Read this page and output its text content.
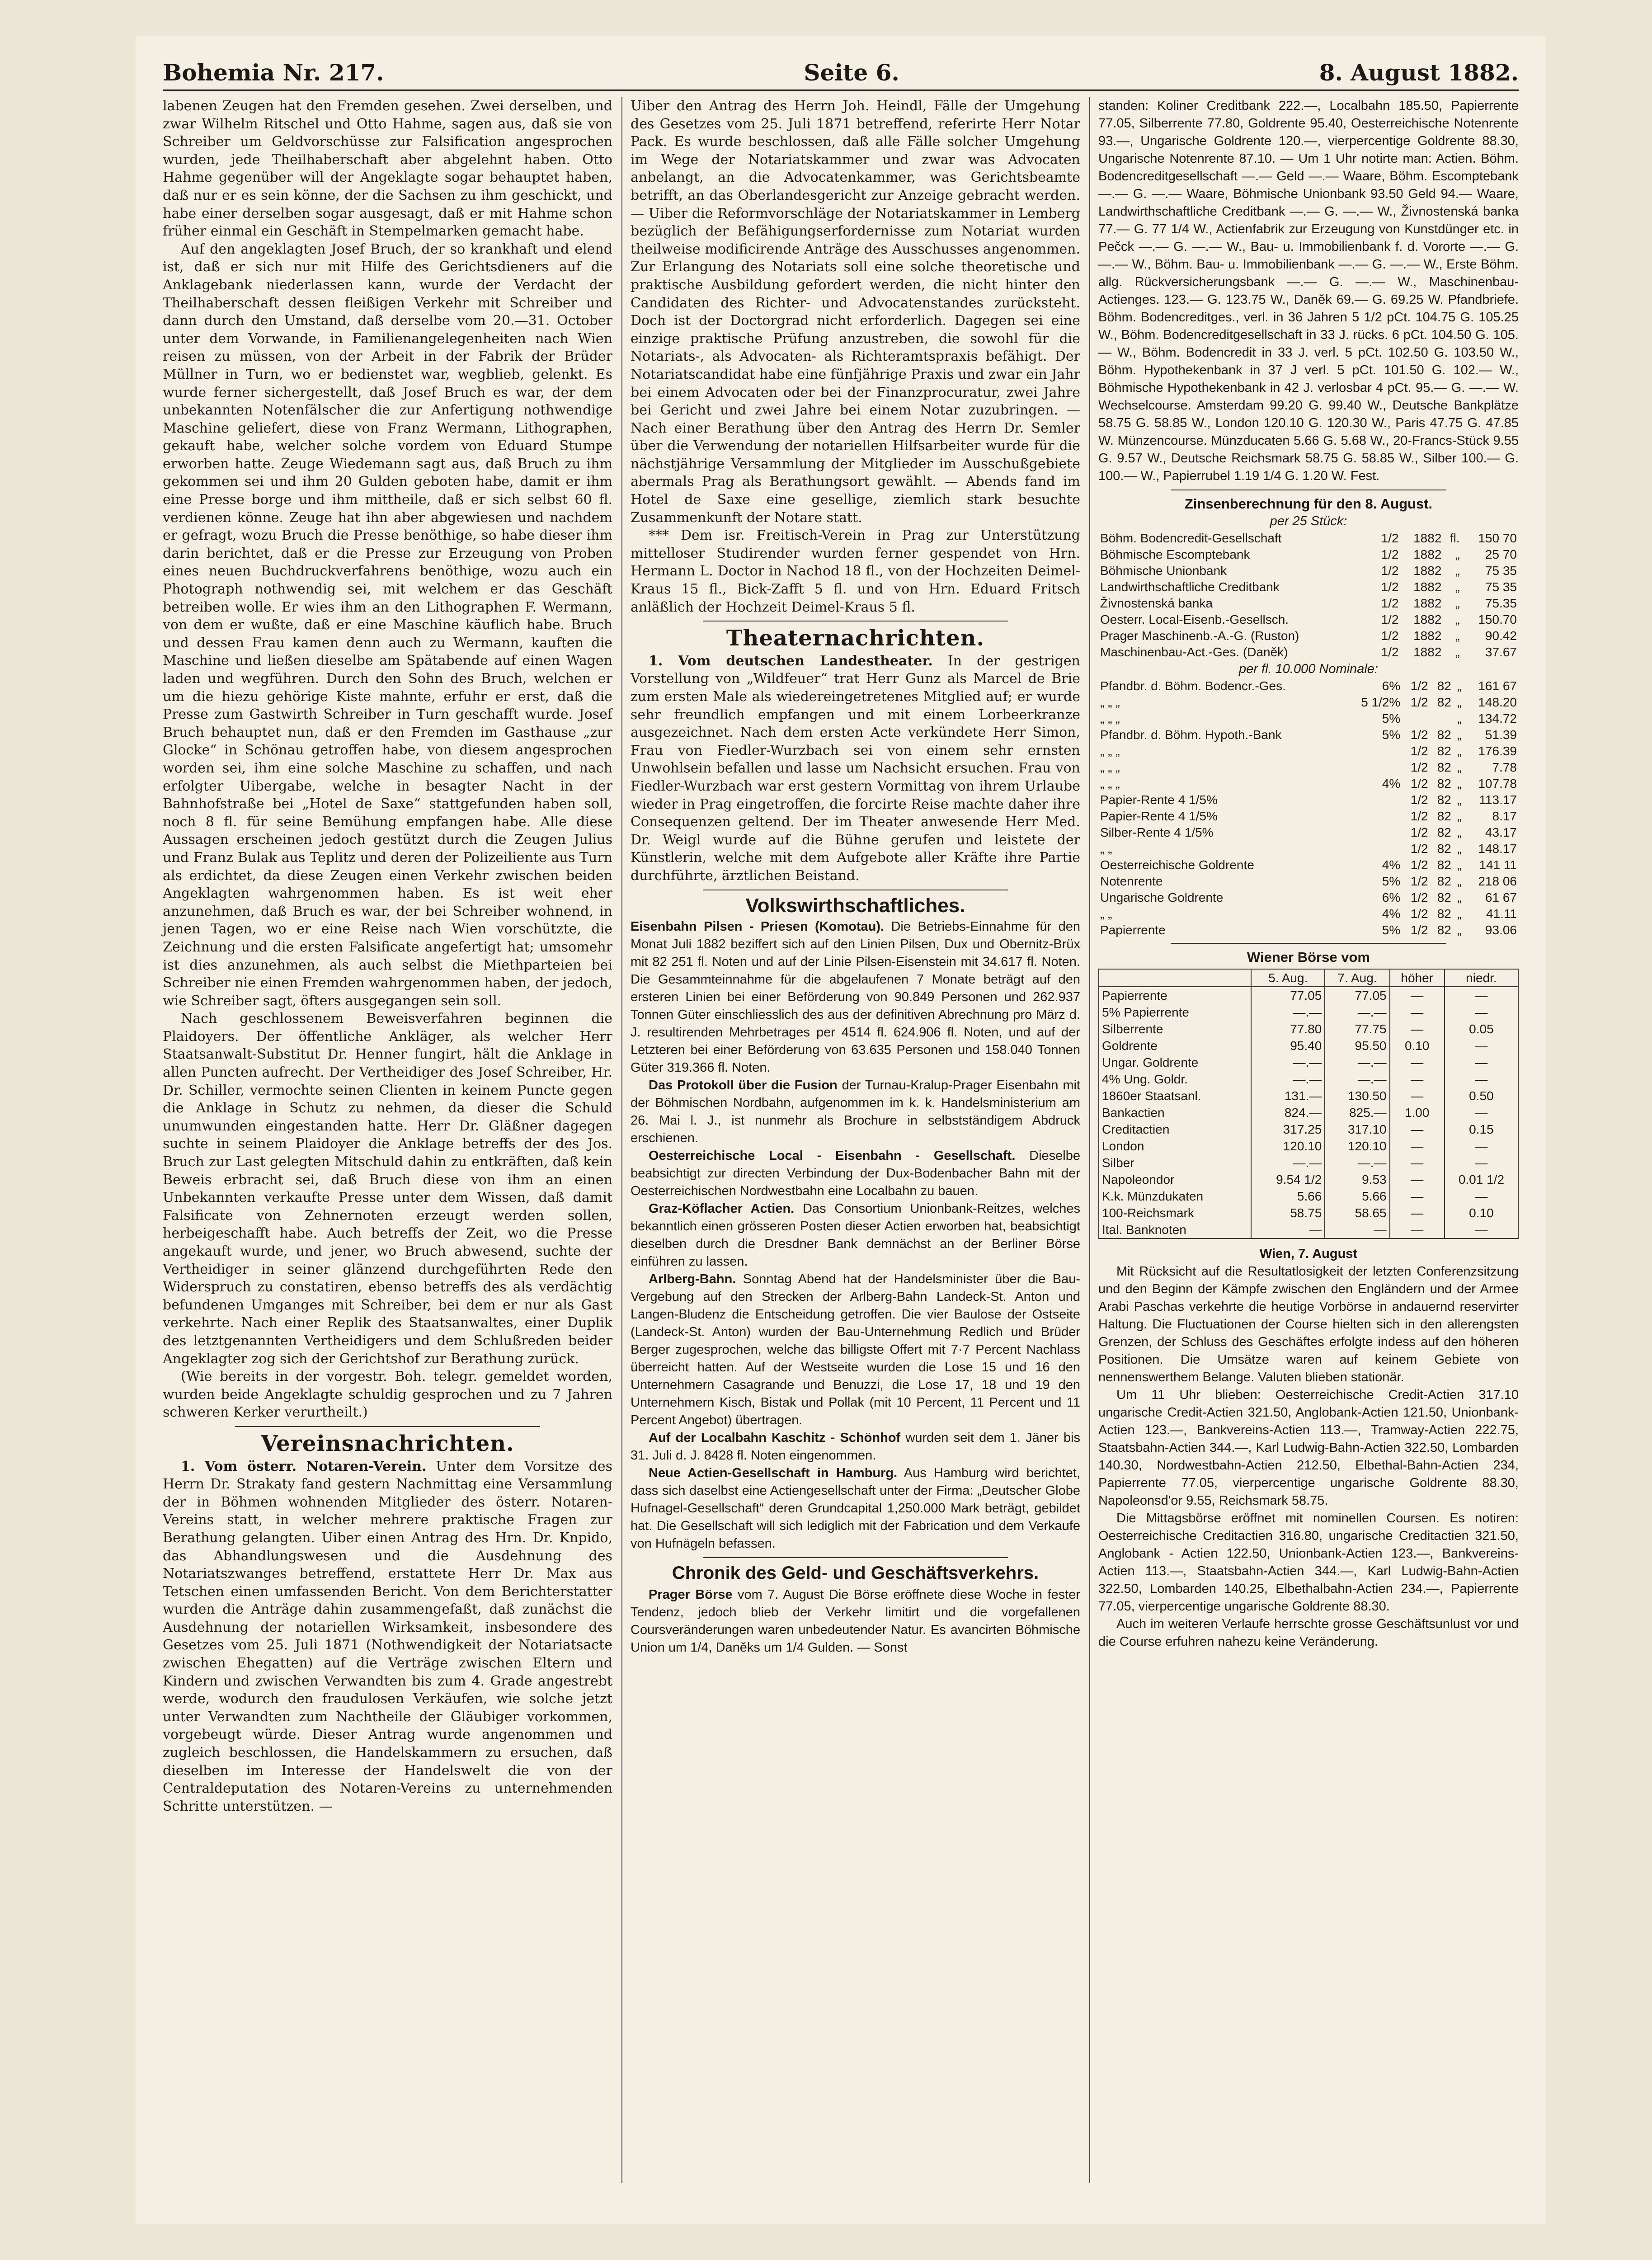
Bohemia Nr. 217.	Seite 6.	8. August 1882.

labenen Zeugen hat den Fremden gesehen. Zwei derselben, und zwar Wilhelm Ritschel und Otto Hahme, sagen aus, daß sie von Schreiber um Geldvorschüsse zur Falsification angesprochen wurden, jede Theilhaberschaft aber abgelehnt haben. Otto Hahme gegenüber will der Angeklagte sogar behauptet haben, daß nur er es sein könne, der die Sachsen zu ihm geschickt, und habe einer derselben sogar ausgesagt, daß er mit Hahme schon früher einmal ein Geschäft in Stempelmarken gemacht habe.

Auf den angeklagten Josef Bruch, der so krankhaft und elend ist, daß er sich nur mit Hilfe des Gerichtsdieners auf die Anklagebank niederlassen kann, wurde der Verdacht der Theilhaberschaft dessen fleißigen Verkehr mit Schreiber und dann durch den Umstand, daß derselbe vom 20.—31. October unter dem Vorwande, in Familienangelegenheiten nach Wien reisen zu müssen, von der Arbeit in der Fabrik der Brüder Müllner in Turn, wo er bedienstet war, wegblieb, gelenkt. Es wurde ferner sichergestellt, daß Josef Bruch es war, der dem unbekannten Notenfälscher die zur Anfertigung nothwendige Maschine geliefert, diese von Franz Wermann, Lithographen, gekauft habe, welcher solche vordem von Eduard Stumpe erworben hatte. Zeuge Wiedemann sagt aus, daß Bruch zu ihm gekommen sei und ihm 20 Gulden geboten habe, damit er ihm eine Presse borge und ihm mittheile, daß er sich selbst 60 fl. verdienen könne. Zeuge hat ihn aber abgewiesen und nachdem er gefragt, wozu Bruch die Presse benöthige, so habe dieser ihm darin berichtet, daß er die Presse zur Erzeugung von Proben eines neuen Buchdruckverfahrens benöthige, wozu auch ein Photograph nothwendig sei, mit welchem er das Geschäft betreiben wolle. Er wies ihm an den Lithographen F. Wermann, von dem er wußte, daß er eine Maschine käuflich habe. Bruch und dessen Frau kamen denn auch zu Wermann, kauften die Maschine und ließen dieselbe am Spätabende auf einen Wagen laden und wegführen. Durch den Sohn des Bruch, welchen er um die hiezu gehörige Kiste mahnte, erfuhr er erst, daß die Presse zum Gastwirth Schreiber in Turn geschafft wurde. Josef Bruch behauptet nun, daß er den Fremden im Gasthause „zur Glocke“ in Schönau getroffen habe, von diesem angesprochen worden sei, ihm eine solche Maschine zu schaffen, und nach erfolgter Uibergabe, welche in besagter Nacht in der Bahnhofstraße bei „Hotel de Saxe“ stattgefunden haben soll, noch 8 fl. für seine Bemühung empfangen habe. Alle diese Aussagen erscheinen jedoch gestützt durch die Zeugen Julius und Franz Bulak aus Teplitz und deren der Polizeiliente aus Turn als erdichtet, da diese Zeugen einen Verkehr zwischen beiden Angeklagten wahrgenommen haben. Es ist weit eher anzunehmen, daß Bruch es war, der bei Schreiber wohnend, in jenen Tagen, wo er eine Reise nach Wien vorschützte, die Zeichnung und die ersten Falsificate angefertigt hat; umsomehr ist dies anzunehmen, als auch selbst die Miethparteien bei Schreiber nie einen Fremden wahrgenommen haben, der jedoch, wie Schreiber sagt, öfters ausgegangen sein soll.

Nach geschlossenem Beweisverfahren beginnen die Plaidoyers. Der öffentliche Ankläger, als welcher Herr Staatsanwalt-Substitut Dr. Henner fungirt, hält die Anklage in allen Puncten aufrecht. Der Vertheidiger des Josef Schreiber, Hr. Dr. Schiller, vermochte seinen Clienten in keinem Puncte gegen die Anklage in Schutz zu nehmen, da dieser die Schuld unumwunden eingestanden hatte. Herr Dr. Gläßner dagegen suchte in seinem Plaidoyer die Anklage betreffs der des Jos. Bruch zur Last gelegten Mitschuld dahin zu entkräften, daß kein Beweis erbracht sei, daß Bruch diese von ihm an einen Unbekannten verkaufte Presse unter dem Wissen, daß damit Falsificate von Zehnernoten erzeugt werden sollen, herbeigeschafft habe. Auch betreffs der Zeit, wo die Presse angekauft wurde, und jener, wo Bruch abwesend, suchte der Vertheidiger in seiner glänzend durchgeführten Rede den Widerspruch zu constatiren, ebenso betreffs des als verdächtig befundenen Umganges mit Schreiber, bei dem er nur als Gast verkehrte. Nach einer Replik des Staatsanwaltes, einer Duplik des letztgenannten Vertheidigers und dem Schlußreden beider Angeklagter zog sich der Gerichtshof zur Berathung zurück.

(Wie bereits in der vorgestr. Boh. telegr. gemeldet worden, wurden beide Angeklagte schuldig gesprochen und zu 7 Jahren schweren Kerker verurtheilt.)

Vereinsnachrichten.

1. Vom österr. Notaren-Verein. Unter dem Vorsitze des Herrn Dr. Strakaty fand gestern Nachmittag eine Versammlung der in Böhmen wohnenden Mitglieder des österr. Notaren-Vereins statt, in welcher mehrere praktische Fragen zur Berathung gelangten. Uiber einen Antrag des Hrn. Dr. Knpido, das Abhandlungswesen und die Ausdehnung des Notariatszwanges betreffend, erstattete Herr Dr. Max aus Tetschen einen umfassenden Bericht. Von dem Berichterstatter wurden die Anträge dahin zusammengefaßt, daß zunächst die Ausdehnung der notariellen Wirksamkeit, insbesondere des Gesetzes vom 25. Juli 1871 (Nothwendigkeit der Notariatsacte zwischen Ehegatten) auf die Verträge zwischen Eltern und Kindern und zwischen Verwandten bis zum 4. Grade angestrebt werde, wodurch den fraudulosen Verkäufen, wie solche jetzt unter Verwandten zum Nachtheile der Gläubiger vorkommen, vorgebeugt würde. Dieser Antrag wurde angenommen und zugleich beschlossen, die Handelskammern zu ersuchen, daß dieselben im Interesse der Handelswelt die von der Centraldeputation des Notaren-Vereins zu unternehmenden Schritte unterstützen. —

Uiber den Antrag des Herrn Joh. Heindl, Fälle der Umgehung des Gesetzes vom 25. Juli 1871 betreffend, referirte Herr Notar Pack. Es wurde beschlossen, daß alle Fälle solcher Umgehung im Wege der Notariatskammer und zwar was Advocaten anbelangt, an die Advocatenkammer, was Gerichtsbeamte betrifft, an das Oberlandesgericht zur Anzeige gebracht werden. — Uiber die Reformvorschläge der Notariatskammer in Lemberg bezüglich der Befähigungserfordernisse zum Notariat wurden theilweise modificirende Anträge des Ausschusses angenommen. Zur Erlangung des Notariats soll eine solche theoretische und praktische Ausbildung gefordert werden, die nicht hinter den Candidaten des Richter- und Advocatenstandes zurücksteht. Doch ist der Doctorgrad nicht erforderlich. Dagegen sei eine einzige praktische Prüfung anzustreben, die sowohl für die Notariats-, als Advocaten- als Richteramtspraxis befähigt. Der Notariatscandidat habe eine fünfjährige Praxis und zwar ein Jahr bei einem Advocaten oder bei der Finanzprocuratur, zwei Jahre bei Gericht und zwei Jahre bei einem Notar zuzubringen. — Nach einer Berathung über den Antrag des Herrn Dr. Semler über die Verwendung der notariellen Hilfsarbeiter wurde für die nächstjährige Versammlung der Mitglieder im Ausschußgebiete abermals Prag als Berathungsort gewählt. — Abends fand im Hotel de Saxe eine gesellige, ziemlich stark besuchte Zusammenkunft der Notare statt.

*** Dem isr. Freitisch-Verein in Prag zur Unterstützung mittelloser Studirender wurden ferner gespendet von Hrn. Hermann L. Doctor in Nachod 18 fl., von der Hochzeiten Deimel-Kraus 15 fl., Bick-Zafft 5 fl. und von Hrn. Eduard Fritsch anläßlich der Hochzeit Deimel-Kraus 5 fl.

Theaternachrichten.

1. Vom deutschen Landestheater. In der gestrigen Vorstellung von „Wildfeuer“ trat Herr Gunz als Marcel de Brie zum ersten Male als wiedereingetretenes Mitglied auf; er wurde sehr freundlich empfangen und mit einem Lorbeerkranze ausgezeichnet. Nach dem ersten Acte verkündete Herr Simon, Frau von Fiedler-Wurzbach sei von einem sehr ernsten Unwohlsein befallen und lasse um Nachsicht ersuchen. Frau von Fiedler-Wurzbach war erst gestern Vormittag von ihrem Urlaube wieder in Prag eingetroffen, die forcirte Reise machte daher ihre Consequenzen geltend. Der im Theater anwesende Herr Med. Dr. Weigl wurde auf die Bühne gerufen und leistete der Künstlerin, welche mit dem Aufgebote aller Kräfte ihre Partie durchführte, ärztlichen Beistand.

Volkswirthschaftliches.

Eisenbahn Pilsen - Priesen (Komotau). Die Betriebs-Einnahme für den Monat Juli 1882 beziffert sich auf den Linien Pilsen, Dux und Obernitz-Brüx mit 82 251 fl. Noten und auf der Linie Pilsen-Eisenstein mit 34.617 fl. Noten. Die Gesammteinnahme für die abgelaufenen 7 Monate beträgt auf den ersteren Linien bei einer Beförderung von 90.849 Personen und 262.937 Tonnen Güter einschliesslich des aus der definitiven Abrechnung pro März d. J. resultirenden Mehrbetrages per 4514 fl. 624.906 fl. Noten, und auf der Letzteren bei einer Beförderung von 63.635 Personen und 158.040 Tonnen Güter 319.366 fl. Noten.

Das Protokoll über die Fusion der Turnau-Kralup-Prager Eisenbahn mit der Böhmischen Nordbahn, aufgenommen im k. k. Handelsministerium am 26. Mai l. J., ist nunmehr als Brochure in selbstständigem Abdruck erschienen.

Oesterreichische Local - Eisenbahn - Gesellschaft. Dieselbe beabsichtigt zur directen Verbindung der Dux-Bodenbacher Bahn mit der Oesterreichischen Nordwestbahn eine Localbahn zu bauen.

Graz-Köflacher Actien. Das Consortium Unionbank-Reitzes, welches bekanntlich einen grösseren Posten dieser Actien erworben hat, beabsichtigt dieselben durch die Dresdner Bank demnächst an der Berliner Börse einführen zu lassen.

Arlberg-Bahn. Sonntag Abend hat der Handelsminister über die Bau-Vergebung auf den Strecken der Arlberg-Bahn Landeck-St. Anton und Langen-Bludenz die Entscheidung getroffen. Die vier Baulose der Ostseite (Landeck-St. Anton) wurden der Bau-Unternehmung Redlich und Brüder Berger zugesprochen, welche das billigste Offert mit 7·7 Percent Nachlass überreicht hatten. Auf der Westseite wurden die Lose 15 und 16 den Unternehmern Casagrande und Benuzzi, die Lose 17, 18 und 19 den Unternehmern Kisch, Bistak und Pollak (mit 10 Percent, 11 Percent und 11 Percent Angebot) übertragen.

Auf der Localbahn Kaschitz - Schönhof wurden seit dem 1. Jäner bis 31. Juli d. J. 8428 fl. Noten eingenommen.

Neue Actien-Gesellschaft in Hamburg. Aus Hamburg wird berichtet, dass sich daselbst eine Actiengesellschaft unter der Firma: „Deutscher Globe Hufnagel-Gesellschaft“ deren Grundcapital 1,250.000 Mark beträgt, gebildet hat. Die Gesellschaft will sich lediglich mit der Fabrication und dem Verkaufe von Hufnägeln befassen.

Chronik des Geld- und Geschäftsverkehrs.

Prager Börse vom 7. August Die Börse eröffnete diese Woche in fester Tendenz, jedoch blieb der Verkehr limitirt und die vorgefallenen Coursveränderungen waren unbedeutender Natur. Es avancirten Böhmische Union um 1/4, Daněks um 1/4 Gulden. — Sonst

standen: Koliner Creditbank 222.—, Localbahn 185.50, Papierrente 77.05, Silberrente 77.80, Goldrente 95.40, Oesterreichische Notenrente 93.—, Ungarische Goldrente 120.—, vierpercentige Goldrente 88.30, Ungarische Notenrente 87.10. — Um 1 Uhr notirte man: Actien. Böhm. Bodencreditgesellschaft —.— Geld —.— Waare, Böhm. Escomptebank —.— G. —.— Waare, Böhmische Unionbank 93.50 Geld 94.— Waare, Landwirthschaftliche Creditbank —.— G. —.— W., Živnostenská banka 77.— G. 77 1/4 W., Actienfabrik zur Erzeugung von Kunstdünger etc. in Pečck —.— G. —.— W., Bau- u. Immobilienbank f. d. Vororte —.— G. —.— W., Böhm. Bau- u. Immobilienbank —.— G. —.— W., Erste Böhm. allg. Rückversicherungsbank —.— G. —.— W., Maschinenbau-Actienges. 123.— G. 123.75 W., Daněk 69.— G. 69.25 W. Pfandbriefe. Böhm. Bodencreditges., verl. in 36 Jahren 5 1/2 pCt. 104.75 G. 105.25 W., Böhm. Bodencreditgesellschaft in 33 J. rücks. 6 pCt. 104.50 G. 105.— W., Böhm. Bodencredit in 33 J. verl. 5 pCt. 102.50 G. 103.50 W., Böhm. Hypothekenbank in 37 J verl. 5 pCt. 101.50 G. 102.— W., Böhmische Hypothekenbank in 42 J. verlosbar 4 pCt. 95.— G. —.— W. Wechselcourse. Amsterdam 99.20 G. 99.40 W., Deutsche Bankplätze 58.75 G. 58.85 W., London 120.10 G. 120.30 W., Paris 47.75 G. 47.85 W. Münzencourse. Münzducaten 5.66 G. 5.68 W., 20-Francs-Stück 9.55 G. 9.57 W., Deutsche Reichsmark 58.75 G. 58.85 W., Silber 100.— G. 100.— W., Papierrubel 1.19 1/4 G. 1.20 W. Fest.

Zinsenberechnung für den 8. August.
per 25 Stück:
Böhm. Bodencredit-Gesellschaft	1/2	1882	fl.	150 70
Böhmische Escomptebank	1/2	1882	„	25 70
Böhmische Unionbank	1/2	1882	„	75 35
Landwirthschaftliche Creditbank	1/2	1882	„	75 35
Živnostenská banka	1/2	1882	„	75.35
Oesterr. Local-Eisenb.-Gesellsch.	1/2	1882	„	150.70
Prager Maschinenb.-A.-G. (Ruston)	1/2	1882	„	90.42
Maschinenbau-Act.-Ges. (Daněk)	1/2	1882	„	37.67
per fl. 10.000 Nominale:
Pfandbr. d. Böhm. Bodencr.-Ges.	6%	1/2	82	„	161 67
„ „ „	5 1/2%	1/2	82	„	148.20
„ „ „	5%			„	134.72
Pfandbr. d. Böhm. Hypoth.-Bank	5%	1/2	82	„	51.39
„ „ „		1/2	82	„	176.39
„ „ „		1/2	82	„	7.78
„ „ „	4%	1/2	82	„	107.78
Papier-Rente 4 1/5%		1/2	82	„	113.17
Papier-Rente 4 1/5%		1/2	82	„	8.17
Silber-Rente 4 1/5%		1/2	82	„	43.17
„ „		1/2	82	„	148.17
Oesterreichische Goldrente	4%	1/2	82	„	141 11
Notenrente	5%	1/2	82	„	218 06
Ungarische Goldrente	6%	1/2	82	„	61 67
„ „	4%	1/2	82	„	41.11
Papierrente	5%	1/2	82	„	93.06
Wiener Börse vom
	5. Aug.	7. Aug.	höher	niedr.
Papierrente	77.05	77.05	—	—
5% Papierrente	—.—	—.—	—	—
Silberrente	77.80	77.75	—	0.05
Goldrente	95.40	95.50	0.10	—
Ungar. Goldrente	—.—	—.—	—	—
4% Ung. Goldr.	—.—	—.—	—	—
1860er Staatsanl.	131.—	130.50	—	0.50
Bankactien	824.—	825.—	1.00	—
Creditactien	317.25	317.10	—	0.15
London	120.10	120.10	—	—
Silber	—.—	—.—	—	—
Napoleondor	9.54 1/2	9.53	—	0.01 1/2
K.k. Münzdukaten	5.66	5.66	—	—
100-Reichsmark	58.75	58.65	—	0.10
Ital. Banknoten	—	—	—	—
Wien, 7. August

Mit Rücksicht auf die Resultatlosigkeit der letzten Conferenzsitzung und den Beginn der Kämpfe zwischen den Engländern und der Armee Arabi Paschas verkehrte die heutige Vorbörse in andauernd reservirter Haltung. Die Fluctuationen der Course hielten sich in den allerengsten Grenzen, der Schluss des Geschäftes erfolgte indess auf den höheren Positionen. Die Umsätze waren auf keinem Gebiete von nennenswerthem Belange. Valuten blieben stationär.

Um 11 Uhr blieben: Oesterreichische Credit-Actien 317.10 ungarische Credit-Actien 321.50, Anglobank-Actien 121.50, Unionbank-Actien 123.—, Bankvereins-Actien 113.—, Tramway-Actien 222.75, Staatsbahn-Actien 344.—, Karl Ludwig-Bahn-Actien 322.50, Lombarden 140.30, Nordwestbahn-Actien 212.50, Elbethal-Bahn-Actien 234, Papierrente 77.05, vierpercentige ungarische Goldrente 88.30, Napoleonsd'or 9.55, Reichsmark 58.75.

Die Mittagsbörse eröffnet mit nominellen Coursen. Es notiren: Oesterreichische Creditactien 316.80, ungarische Creditactien 321.50, Anglobank - Actien 122.50, Unionbank-Actien 123.—, Bankvereins-Actien 113.—, Staatsbahn-Actien 344.—, Karl Ludwig-Bahn-Actien 322.50, Lombarden 140.25, Elbethalbahn-Actien 234.—, Papierrente 77.05, vierpercentige ungarische Goldrente 88.30.

Auch im weiteren Verlaufe herrschte grosse Geschäftsunlust vor und die Course erfuhren nahezu keine Veränderung.
